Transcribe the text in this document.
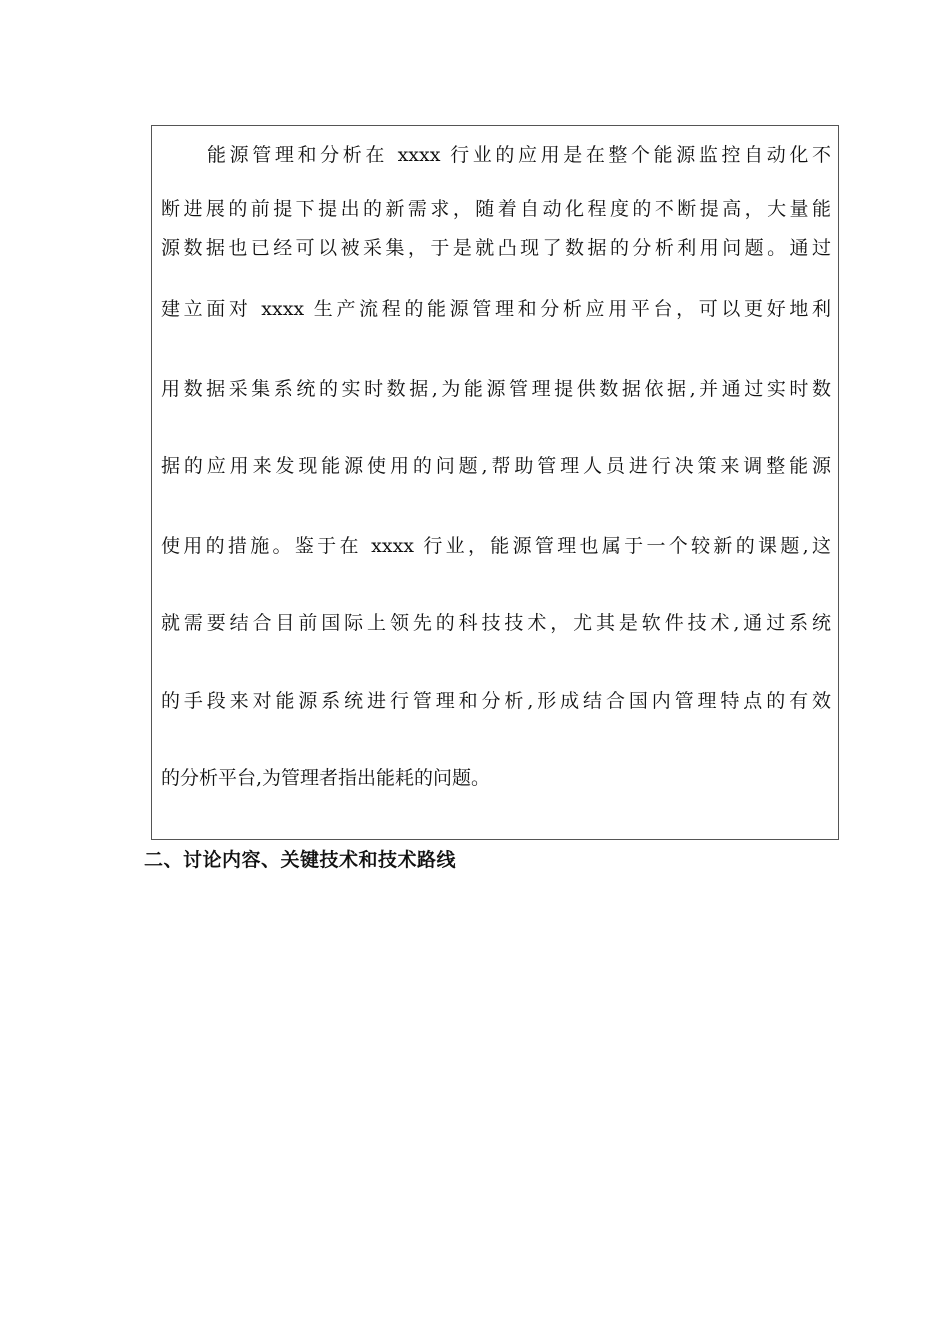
能源管理和分析在 xxxx 行业的应用是在整个能源监控自动化不
断进展的前提下提出的新需求，随着自动化程度的不断提高，大量能
源数据也已经可以被采集，于是就凸现了数据的分析利用问题。通过
建立面对 xxxx 生产流程的能源管理和分析应用平台，可以更好地利
用数据采集系统的实时数据,为能源管理提供数据依据,并通过实时数
据的应用来发现能源使用的问题,帮助管理人员进行决策来调整能源
使用的措施。鉴于在 xxxx 行业，能源管理也属于一个较新的课题,这
就需要结合目前国际上领先的科技技术，尤其是软件技术,通过系统
的手段来对能源系统进行管理和分析,形成结合国内管理特点的有效
的分析平台,为管理者指出能耗的问题。
二、讨论内容、关键技术和技术路线
